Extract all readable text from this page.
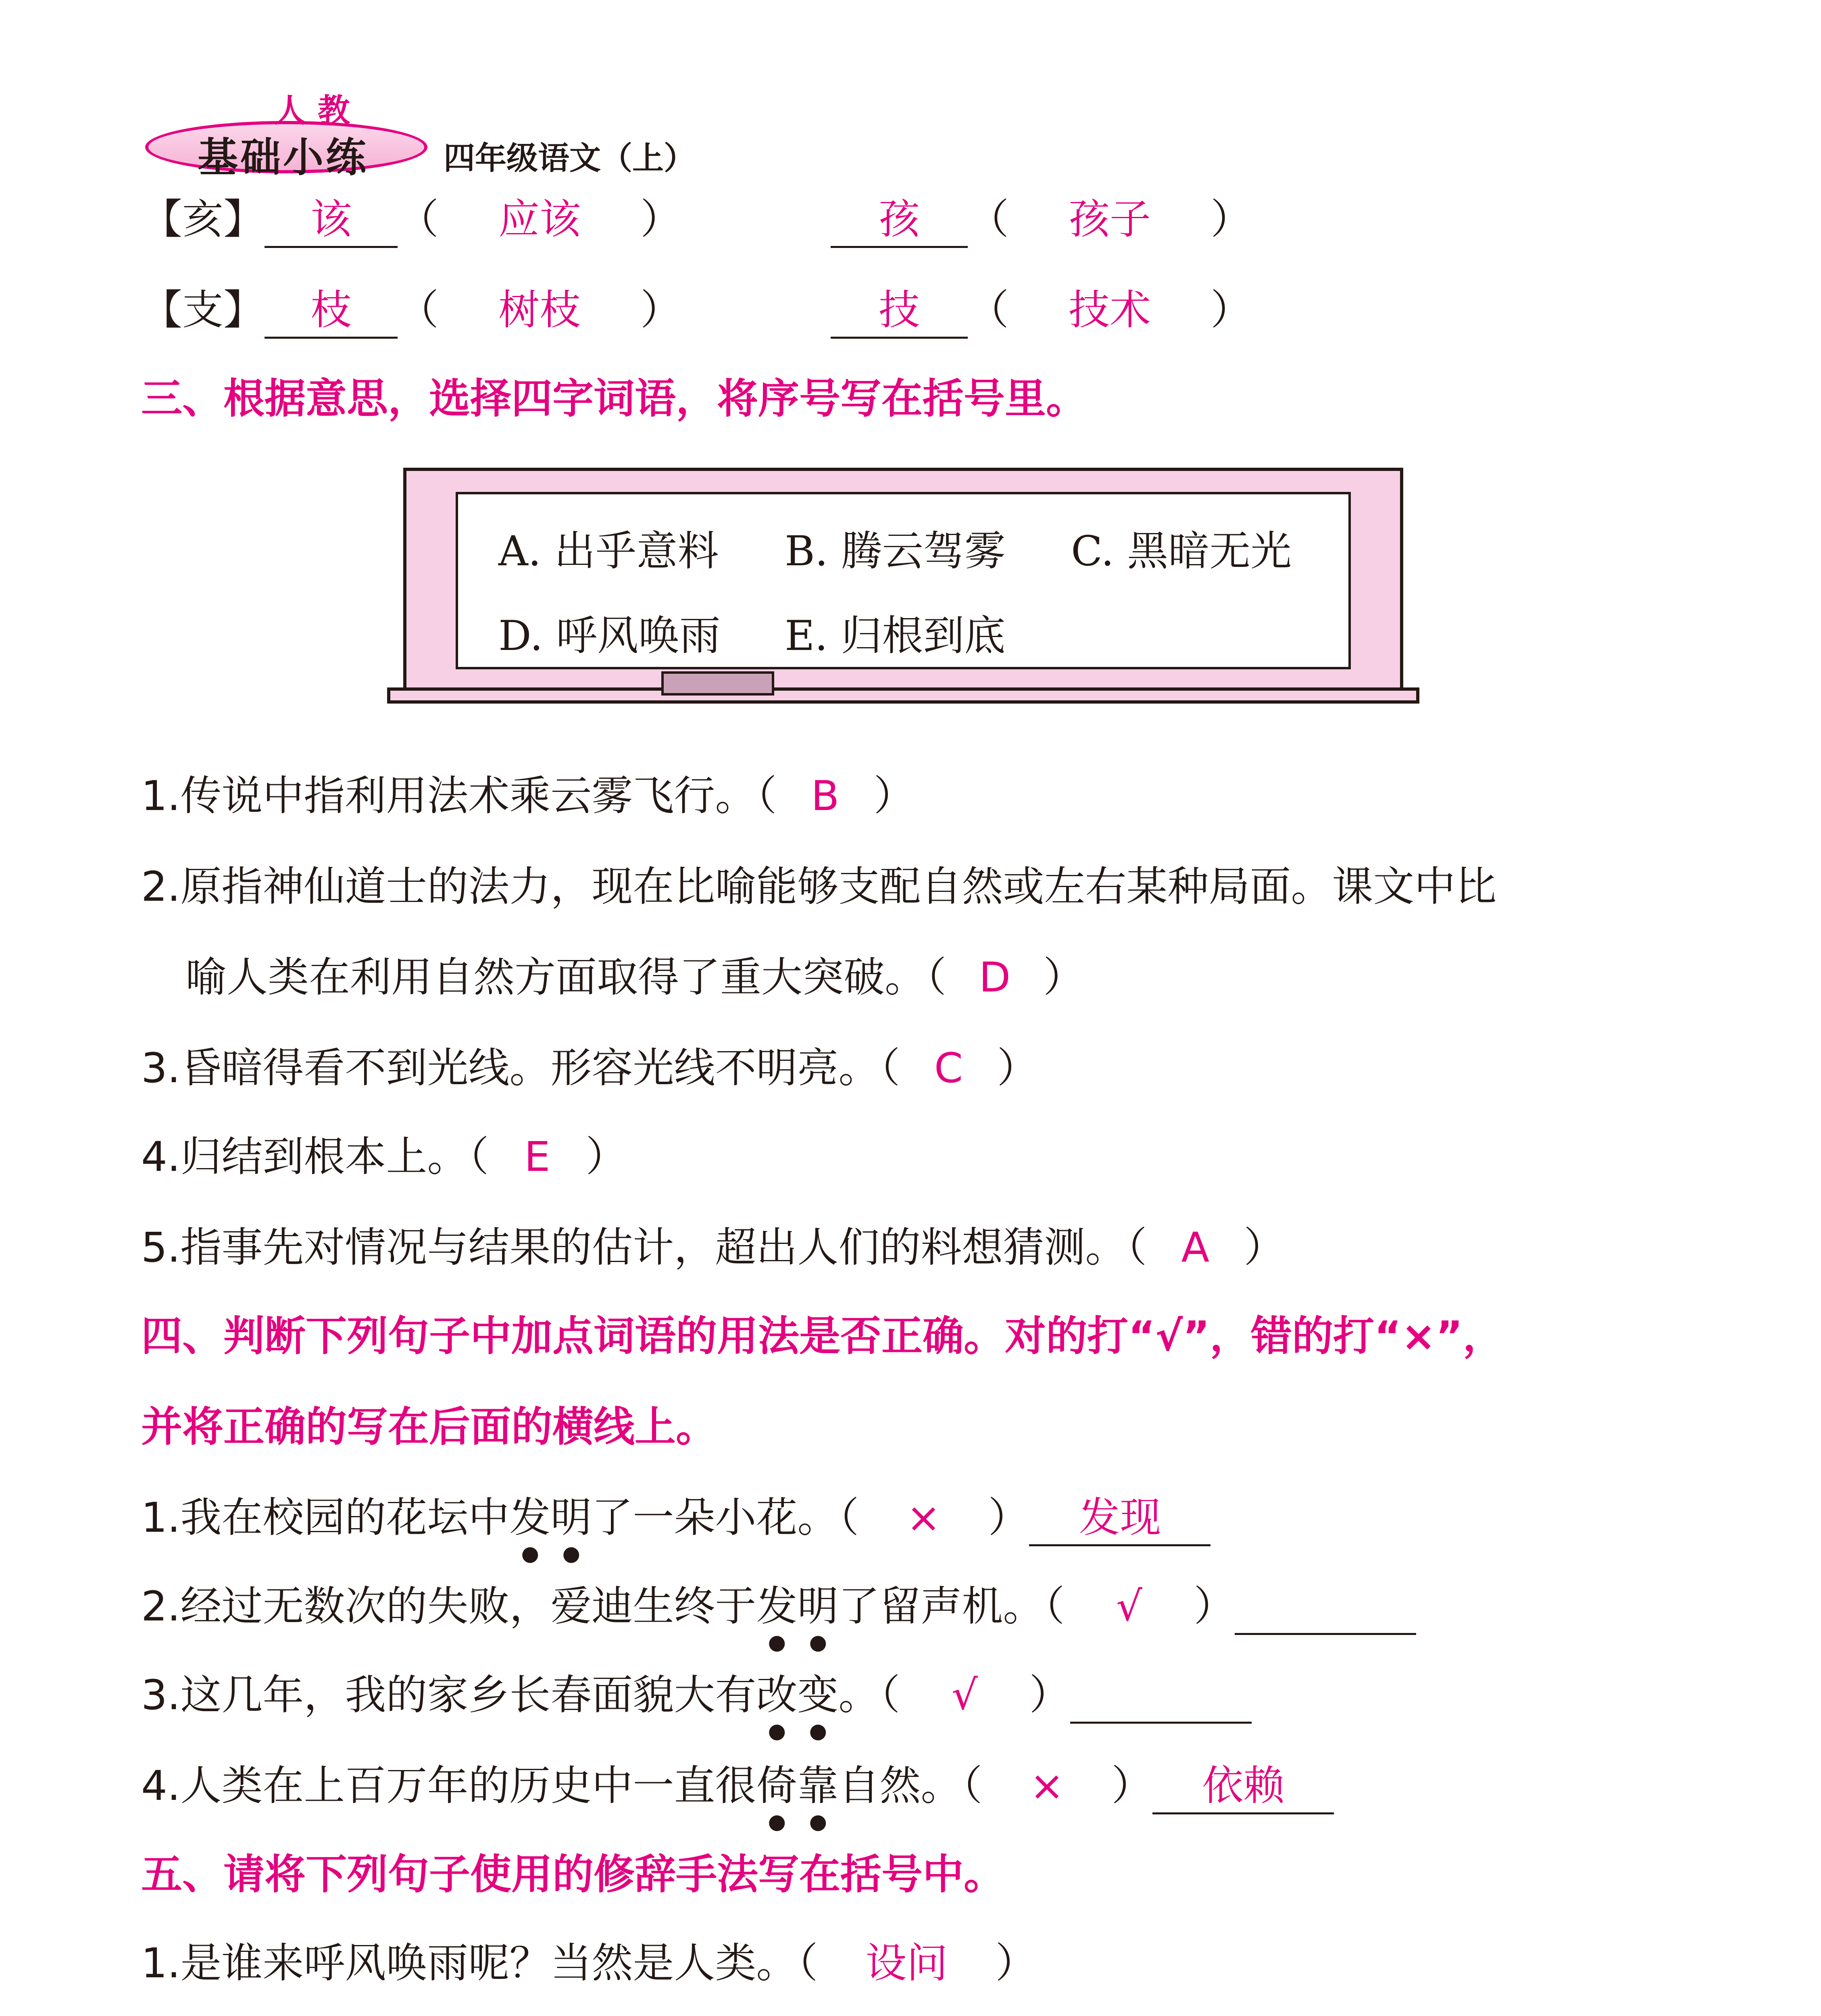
人 教
基础小练 四年级语文（上）
【亥】 该 （ 应该 ）	孩 （ 孩子 ）
【支】 枝 （ 树枝 ）	技 （ 技术 ）
三、根据意思，选择四字词语，将序号写在括号里。
A. 出乎意料 B. 腾云驾雾 C. 黑暗无光
D. 呼风唤雨 E. 归根到底
1.传说中指利用法术乘云雾飞行。（ B ）
2.原指神仙道士的法力，现在比喻能够支配自然或左右某种局面。课文中比
喻人类在利用自然方面取得了重大突破。（ D ）
3.昏暗得看不到光线。形容光线不明亮。（ C ）
4.归结到根本上。（ E ）
5.指事先对情况与结果的估计，超出人们的料想猜测。（ A ）
四、判断下列句子中加点词语的用法是否正确。对的打“√”，错的打“×”，
并将正确的写在后面的横线上。
1.我在校园的花坛中发明了一朵小花。（ × ） 发现
2.经过无数次的失败，爱迪生终于发明了留声机。（ √ ）
3.这几年，我的家乡长春面貌大有改变。（ √ ）
4.人类在上百万年的历史中一直很倚靠自然。（ × ） 依赖
五、请将下列句子使用的修辞手法写在括号中。
1.是谁来呼风唤雨呢？当然是人类。（ 设问 ）
